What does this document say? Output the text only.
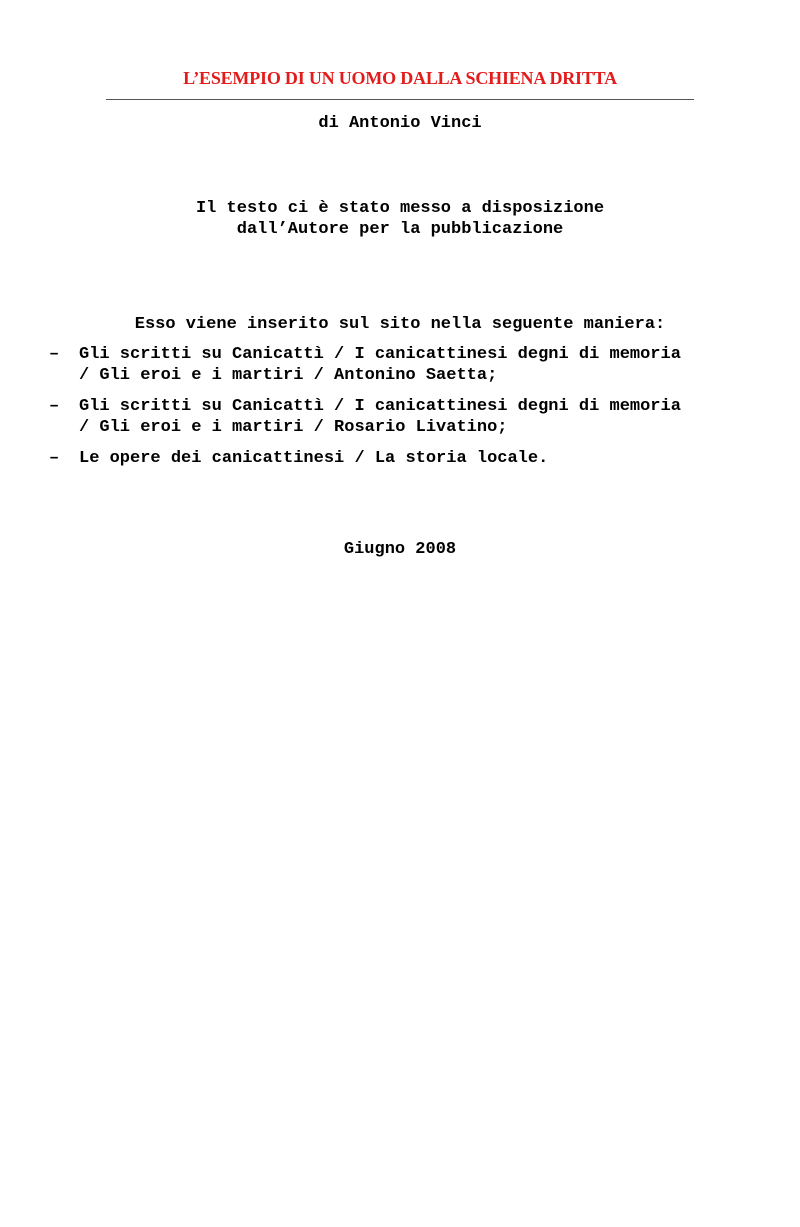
L’ESEMPIO DI UN UOMO DALLA SCHIENA DRITTA
di Antonio Vinci
Il testo ci è stato messo a disposizione
dall’Autore per la pubblicazione
Esso viene inserito sul sito nella seguente maniera:
– Gli scritti su Canicattì / I canicattinesi degni di memoria
/ Gli eroi e i martiri / Antonino Saetta;
– Gli scritti su Canicattì / I canicattinesi degni di memoria
/ Gli eroi e i martiri / Rosario Livatino;
– Le opere dei canicattinesi / La storia locale.
Giugno 2008
